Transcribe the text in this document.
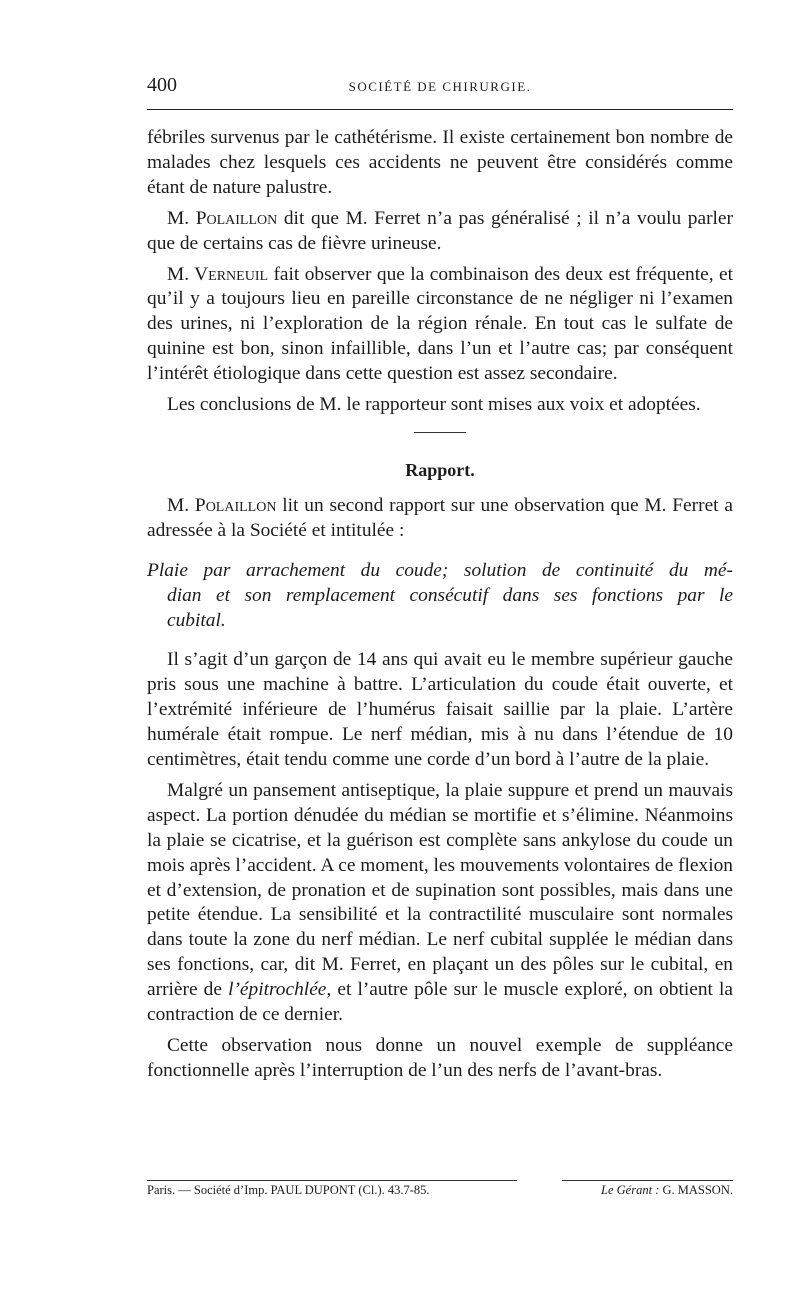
400	SOCIÉTÉ DE CHIRURGIE.

fébriles survenus par le cathétérisme. Il existe certainement bon nombre de malades chez lesquels ces accidents ne peuvent être considérés comme étant de nature palustre.

M. Polaillon dit que M. Ferret n’a pas généralisé ; il n’a voulu parler que de certains cas de fièvre urineuse.

M. Verneuil fait observer que la combinaison des deux est fréquente, et qu’il y a toujours lieu en pareille circonstance de ne négliger ni l’examen des urines, ni l’exploration de la région rénale. En tout cas le sulfate de quinine est bon, sinon infaillible, dans l’un et l’autre cas; par conséquent l’intérêt étiologique dans cette question est assez secondaire.

Les conclusions de M. le rapporteur sont mises aux voix et adoptées.

Rapport.

M. Polaillon lit un second rapport sur une observation que M. Ferret a adressée à la Société et intitulée :

Plaie par arrachement du coude; solution de continuité du mé-
dian et son remplacement consécutif dans ses fonctions par le
cubital.

Il s’agit d’un garçon de 14 ans qui avait eu le membre supérieur gauche pris sous une machine à battre. L’articulation du coude était ouverte, et l’extrémité inférieure de l’humérus faisait saillie par la plaie. L’artère humérale était rompue. Le nerf médian, mis à nu dans l’étendue de 10 centimètres, était tendu comme une corde d’un bord à l’autre de la plaie.

Malgré un pansement antiseptique, la plaie suppure et prend un mauvais aspect. La portion dénudée du médian se mortifie et s’élimine. Néanmoins la plaie se cicatrise, et la guérison est complète sans ankylose du coude un mois après l’accident. A ce moment, les mouvements volontaires de flexion et d’extension, de pronation et de supination sont possibles, mais dans une petite étendue. La sensibilité et la contractilité musculaire sont normales dans toute la zone du nerf médian. Le nerf cubital supplée le médian dans ses fonctions, car, dit M. Ferret, en plaçant un des pôles sur le cubital, en arrière de l’épitrochlée, et l’autre pôle sur le muscle exploré, on obtient la contraction de ce dernier.

Cette observation nous donne un nouvel exemple de suppléance fonctionnelle après l’interruption de l’un des nerfs de l’avant-bras.

Paris. — Société d’Imp. PAUL DUPONT (Cl.). 43.7-85.	Le Gérant : G. MASSON.
